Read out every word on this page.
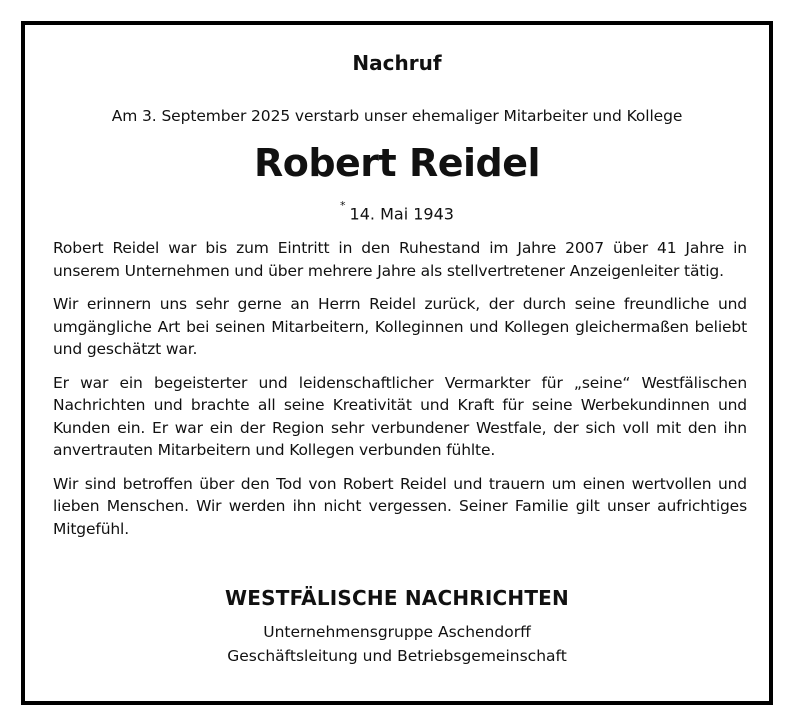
Nachruf
Am 3. September 2025 verstarb unser ehemaliger Mitarbeiter und Kollege
Robert Reidel
* 14. Mai 1943

Robert Reidel war bis zum Eintritt in den Ruhestand im Jahre 2007 über 41 Jahre in unserem Unternehmen und über mehrere Jahre als stellvertretener Anzeigenleiter tätig.

Wir erinnern uns sehr gerne an Herrn Reidel zurück, der durch seine freundliche und umgängliche Art bei seinen Mitarbeitern, Kolleginnen und Kollegen gleichermaßen beliebt und geschätzt war.

Er war ein begeisterter und leidenschaftlicher Vermarkter für „seine“ Westfälischen Nachrichten und brachte all seine Kreativität und Kraft für seine Werbekundinnen und Kunden ein. Er war ein der Region sehr verbundener Westfale, der sich voll mit den ihn anvertrauten Mitarbeitern und Kollegen verbunden fühlte.

Wir sind betroffen über den Tod von Robert Reidel und trauern um einen wertvollen und lieben Menschen. Wir werden ihn nicht vergessen. Seiner Familie gilt unser aufrichtiges Mitgefühl.

WESTFÄLISCHE NACHRICHTEN
Unternehmensgruppe Aschendorff
Geschäftsleitung und Betriebsgemeinschaft
